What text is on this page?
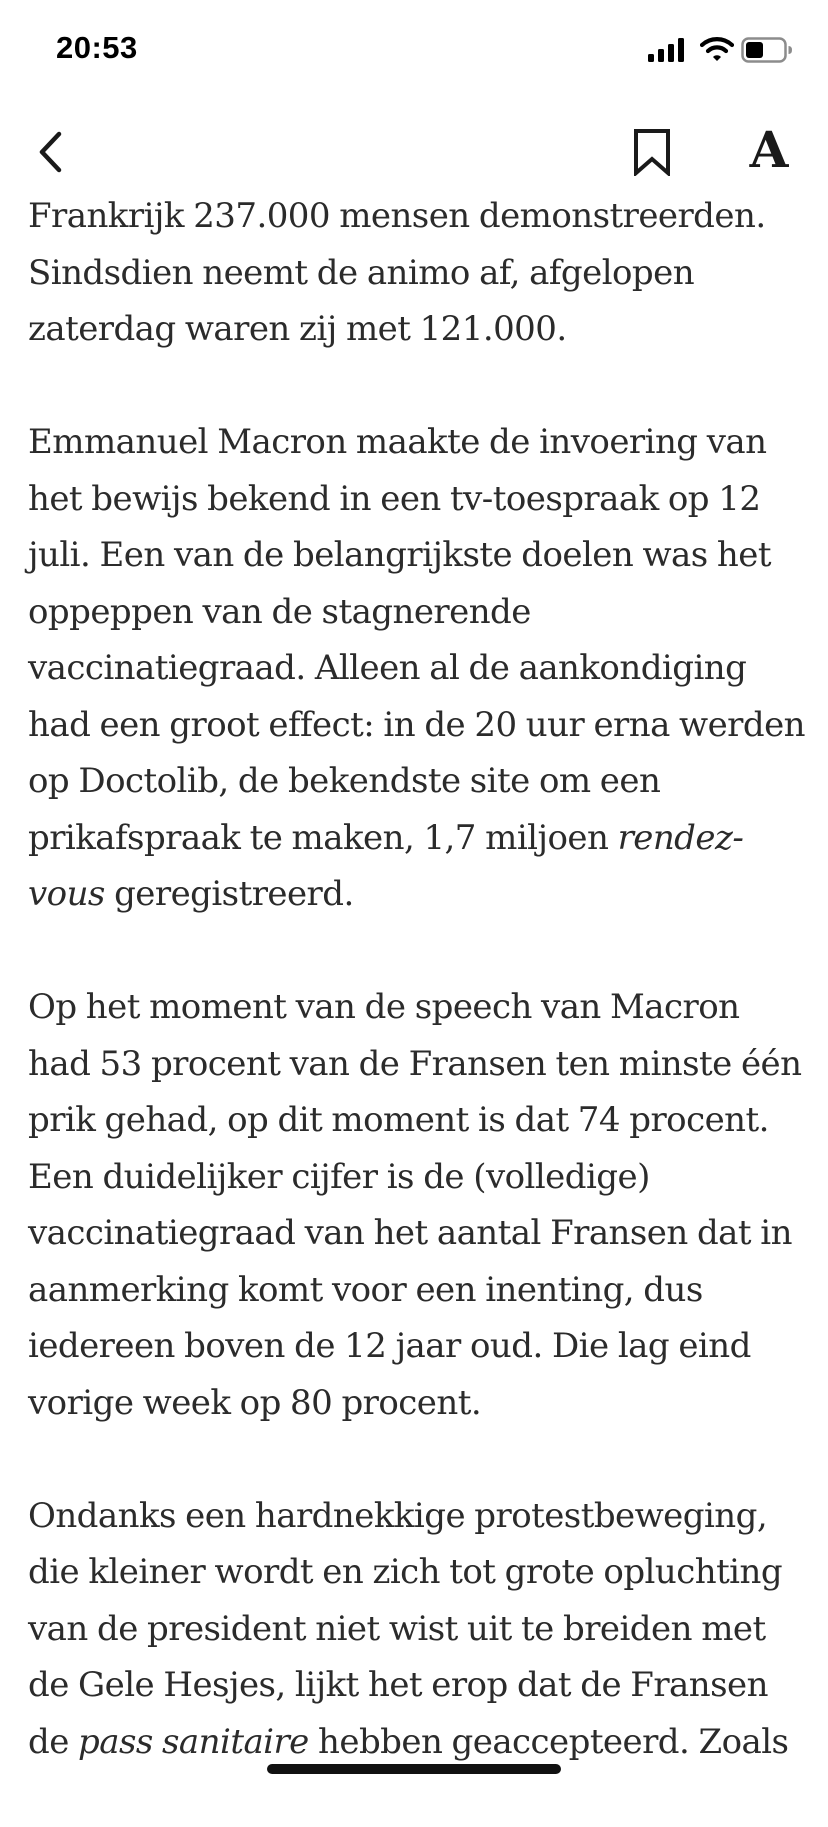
20:53
A
Frankrijk 237.000 mensen demonstreerden.
Sindsdien neemt de animo af, afgelopen
zaterdag waren zij met 121.000.
Emmanuel Macron maakte de invoering van
het bewijs bekend in een tv-toespraak op 12
juli. Een van de belangrijkste doelen was het
oppeppen van de stagnerende
vaccinatiegraad. Alleen al de aankondiging
had een groot effect: in de 20 uur erna werden
op Doctolib, de bekendste site om een
prikafspraak te maken, 1,7 miljoen rendez-
vous geregistreerd.
Op het moment van de speech van Macron
had 53 procent van de Fransen ten minste één
prik gehad, op dit moment is dat 74 procent.
Een duidelijker cijfer is de (volledige)
vaccinatiegraad van het aantal Fransen dat in
aanmerking komt voor een inenting, dus
iedereen boven de 12 jaar oud. Die lag eind
vorige week op 80 procent.
Ondanks een hardnekkige protestbeweging,
die kleiner wordt en zich tot grote opluchting
van de president niet wist uit te breiden met
de Gele Hesjes, lijkt het erop dat de Fransen
de pass sanitaire hebben geaccepteerd. Zoals
